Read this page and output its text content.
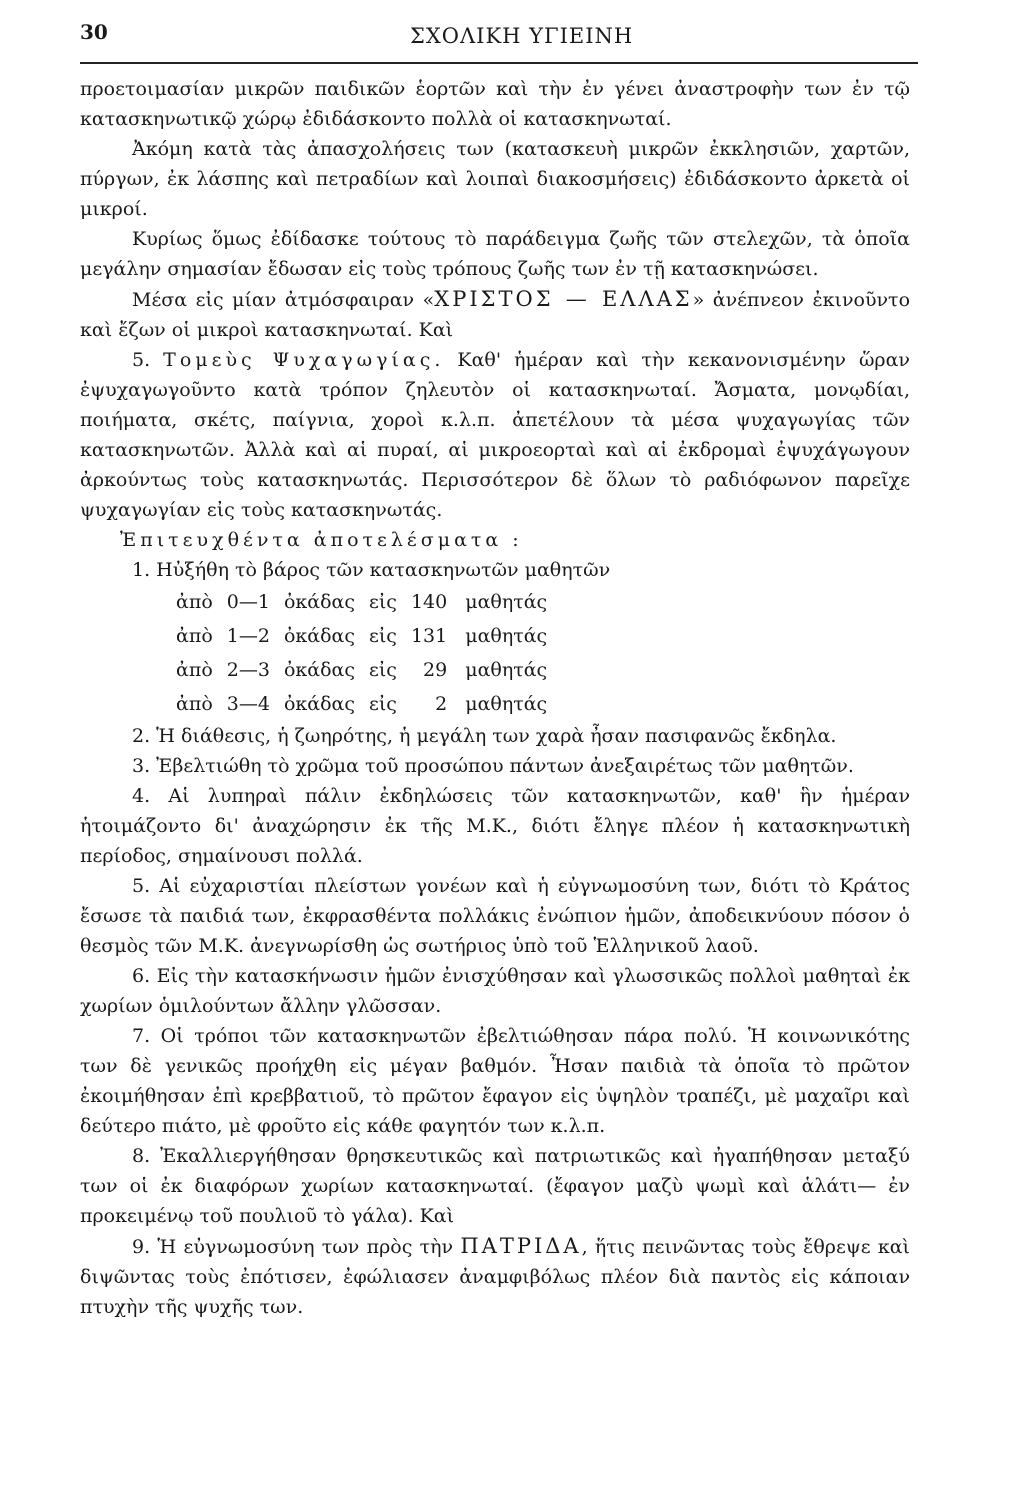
30	ΣΧΟΛΙΚΗ ΥΓΙΕΙΝΗ

προετοιμασίαν μικρῶν παιδικῶν ἑορτῶν καὶ τὴν ἐν γένει ἀναστροφὴν των ἐν τῷ κατασκηνωτικῷ χώρῳ ἐδιδάσκοντο πολλὰ οἱ κατασκηνωταί.

Ἀκόμη κατὰ τὰς ἀπασχολήσεις των (κατασκευὴ μικρῶν ἐκκλησιῶν, χαρτῶν, πύργων, ἐκ λάσπης καὶ πετραδίων καὶ λοιπαὶ διακοσμήσεις) ἐδιδάσκοντο ἀρκετὰ οἱ μικροί.

Κυρίως ὅμως ἐδίδασκε τούτους τὸ παράδειγμα ζωῆς τῶν στελεχῶν, τὰ ὁποῖα μεγάλην σημασίαν ἔδωσαν εἰς τοὺς τρόπους ζωῆς των ἐν τῇ κατασκηνώσει.

Μέσα εἰς μίαν ἀτμόσφαιραν «ΧΡΙΣΤΟΣ — ΕΛΛΑΣ» ἀνέπνεον ἐκινοῦντο καὶ ἔζων οἱ μικροὶ κατασκηνωταί. Καὶ

5. Τομεὺς Ψυχαγωγίας. Καθ' ἡμέραν καὶ τὴν κεκανονισμένην ὥραν ἐψυχαγωγοῦντο κατὰ τρόπον ζηλευτὸν οἱ κατασκηνωταί. Ἄσματα, μονῳδίαι, ποιήματα, σκέτς, παίγνια, χοροὶ κ.λ.π. ἀπετέλουν τὰ μέσα ψυχαγωγίας τῶν κατασκηνωτῶν. Ἀλλὰ καὶ αἱ πυραί, αἱ μικροεορταὶ καὶ αἱ ἐκδρομαὶ ἐψυχάγωγουν ἀρκούντως τοὺς κατασκηνωτάς. Περισσότερον δὲ ὅλων τὸ ραδιόφωνον παρεῖχε ψυχαγωγίαν εἰς τοὺς κατασκηνωτάς.

Ἐπιτευχθέντα ἀποτελέσματα :

1. Ηὐξήθη τὸ βάρος τῶν κατασκηνωτῶν μαθητῶν

ἀπὸ	0—1	ὀκάδας	εἰς	140	μαθητάς
ἀπὸ	1—2	ὀκάδας	εἰς	131	μαθητάς
ἀπὸ	2—3	ὀκάδας	εἰς	29	μαθητάς
ἀπὸ	3—4	ὀκάδας	εἰς	2	μαθητάς

2. Ἡ διάθεσις, ἡ ζωηρότης, ἡ μεγάλη των χαρὰ ἦσαν πασιφανῶς ἔκδηλα.

3. Ἐβελτιώθη τὸ χρῶμα τοῦ προσώπου πάντων ἀνεξαιρέτως τῶν μαθητῶν.

4. Αἱ λυπηραὶ πάλιν ἐκδηλώσεις τῶν κατασκηνωτῶν, καθ' ἣν ἡμέραν ἡτοιμάζοντο δι' ἀναχώρησιν ἐκ τῆς Μ.Κ., διότι ἔληγε πλέον ἡ κατασκηνωτικὴ περίοδος, σημαίνουσι πολλά.

5. Αἱ εὐχαριστίαι πλείστων γονέων καὶ ἡ εὐγνωμοσύνη των, διότι τὸ Κράτος ἔσωσε τὰ παιδιά των, ἐκφρασθέντα πολλάκις ἐνώπιον ἡμῶν, ἀποδεικνύουν πόσον ὁ θεσμὸς τῶν Μ.Κ. ἀνεγνωρίσθη ὡς σωτήριος ὑπὸ τοῦ Ἑλληνικοῦ λαοῦ.

6. Εἰς τὴν κατασκήνωσιν ἡμῶν ἐνισχύθησαν καὶ γλωσσικῶς πολλοὶ μαθηταὶ ἐκ χωρίων ὁμιλούντων ἄλλην γλῶσσαν.

7. Οἱ τρόποι τῶν κατασκηνωτῶν ἐβελτιώθησαν πάρα πολύ. Ἡ κοινωνικότης των δὲ γενικῶς προήχθη εἰς μέγαν βαθμόν. Ἦσαν παιδιὰ τὰ ὁποῖα τὸ πρῶτον ἐκοιμήθησαν ἐπὶ κρεββατιοῦ, τὸ πρῶτον ἔφαγον εἰς ὑψηλὸν τραπέζι, μὲ μαχαῖρι καὶ δεύτερο πιάτο, μὲ φροῦτο εἰς κάθε φαγητόν των κ.λ.π.

8. Ἐκαλλιεργήθησαν θρησκευτικῶς καὶ πατριωτικῶς καὶ ἠγαπήθησαν μεταξύ των οἱ ἐκ διαφόρων χωρίων κατασκηνωταί. (ἔφαγον μαζὺ ψωμὶ καὶ ἁλάτι— ἐν προκειμένῳ τοῦ πουλιοῦ τὸ γάλα). Καὶ

9. Ἡ εὐγνωμοσύνη των πρὸς τὴν ΠΑΤΡΙΔΑ, ἥτις πεινῶντας τοὺς ἔθρεψε καὶ διψῶντας τοὺς ἐπότισεν, ἐφώλιασεν ἀναμφιβόλως πλέον διὰ παντὸς εἰς κάποιαν πτυχὴν τῆς ψυχῆς των.
